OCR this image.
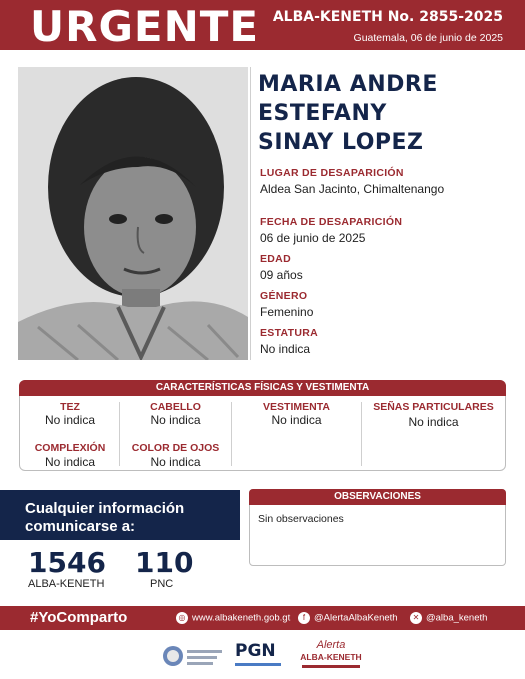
URGENTE ALBA-KENETH No. 2855-2025
Guatemala, 06 de junio de 2025
MARIA ANDRE
ESTEFANY
SINAY LOPEZ
LUGAR DE DESAPARICIÓN
Aldea San Jacinto, Chimaltenango
FECHA DE DESAPARICIÓN
06 de junio de 2025
EDAD
09 años
GÉNERO
Femenino
ESTATURA
No indica
CARACTERÍSTICAS FÍSICAS Y VESTIMENTA
TEZ
No indica
CABELLO
No indica
VESTIMENTA
No indica
SEÑAS PARTICULARES
No indica
COMPLEXIÓN
No indica
COLOR DE OJOS
No indica
Cualquier información
comunicarse a:
1546
ALBA-KENETH
110
PNC
OBSERVACIONES
Sin observaciones
#YoComparto	◎ www.albakeneth.gob.gt	f @AlertaAlbaKeneth	✕ @alba_keneth
PGN	Alerta
ALBA-KENETH
